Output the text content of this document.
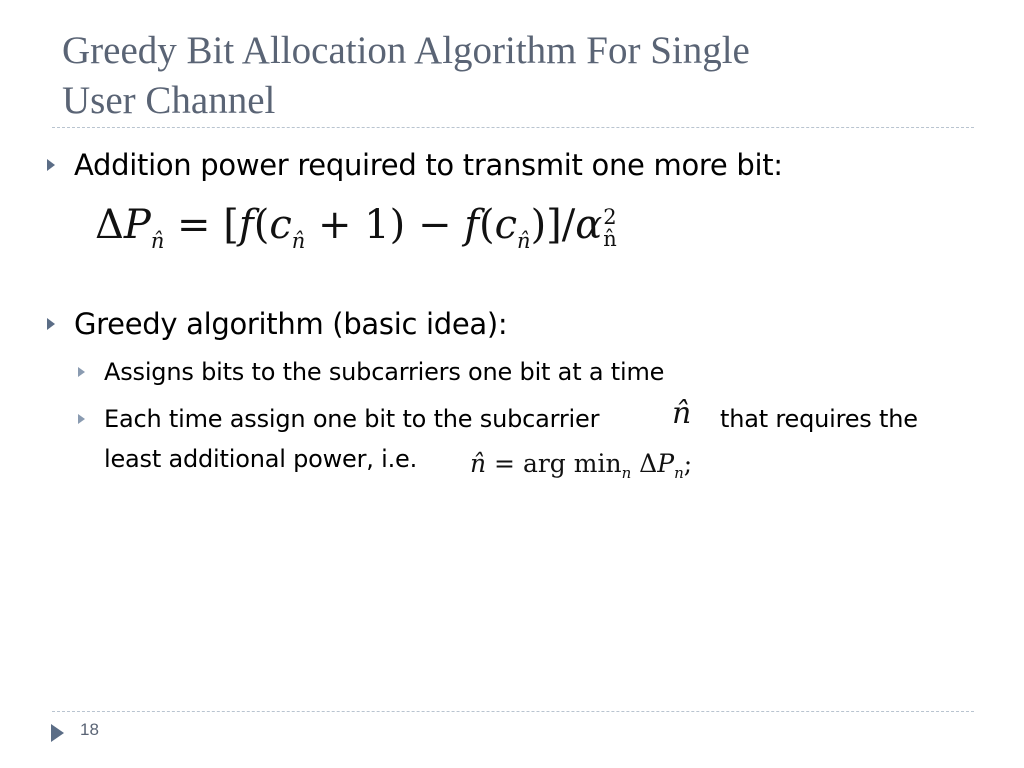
Greedy Bit Allocation Algorithm For Single
User Channel
Addition power required to transmit one more bit:
$\Delta P_{n̂} = [f(c_{n̂} + 1) - f(c_{n̂})]/\alpha$ 2
n̂
Greedy algorithm (basic idea):
Assigns bits to the subcarriers one bit at a time
Each time assign one bit to the subcarrier n̂ that requires the
least additional power, i.e. n̂ = arg $\min_n \Delta P_n$;
18
